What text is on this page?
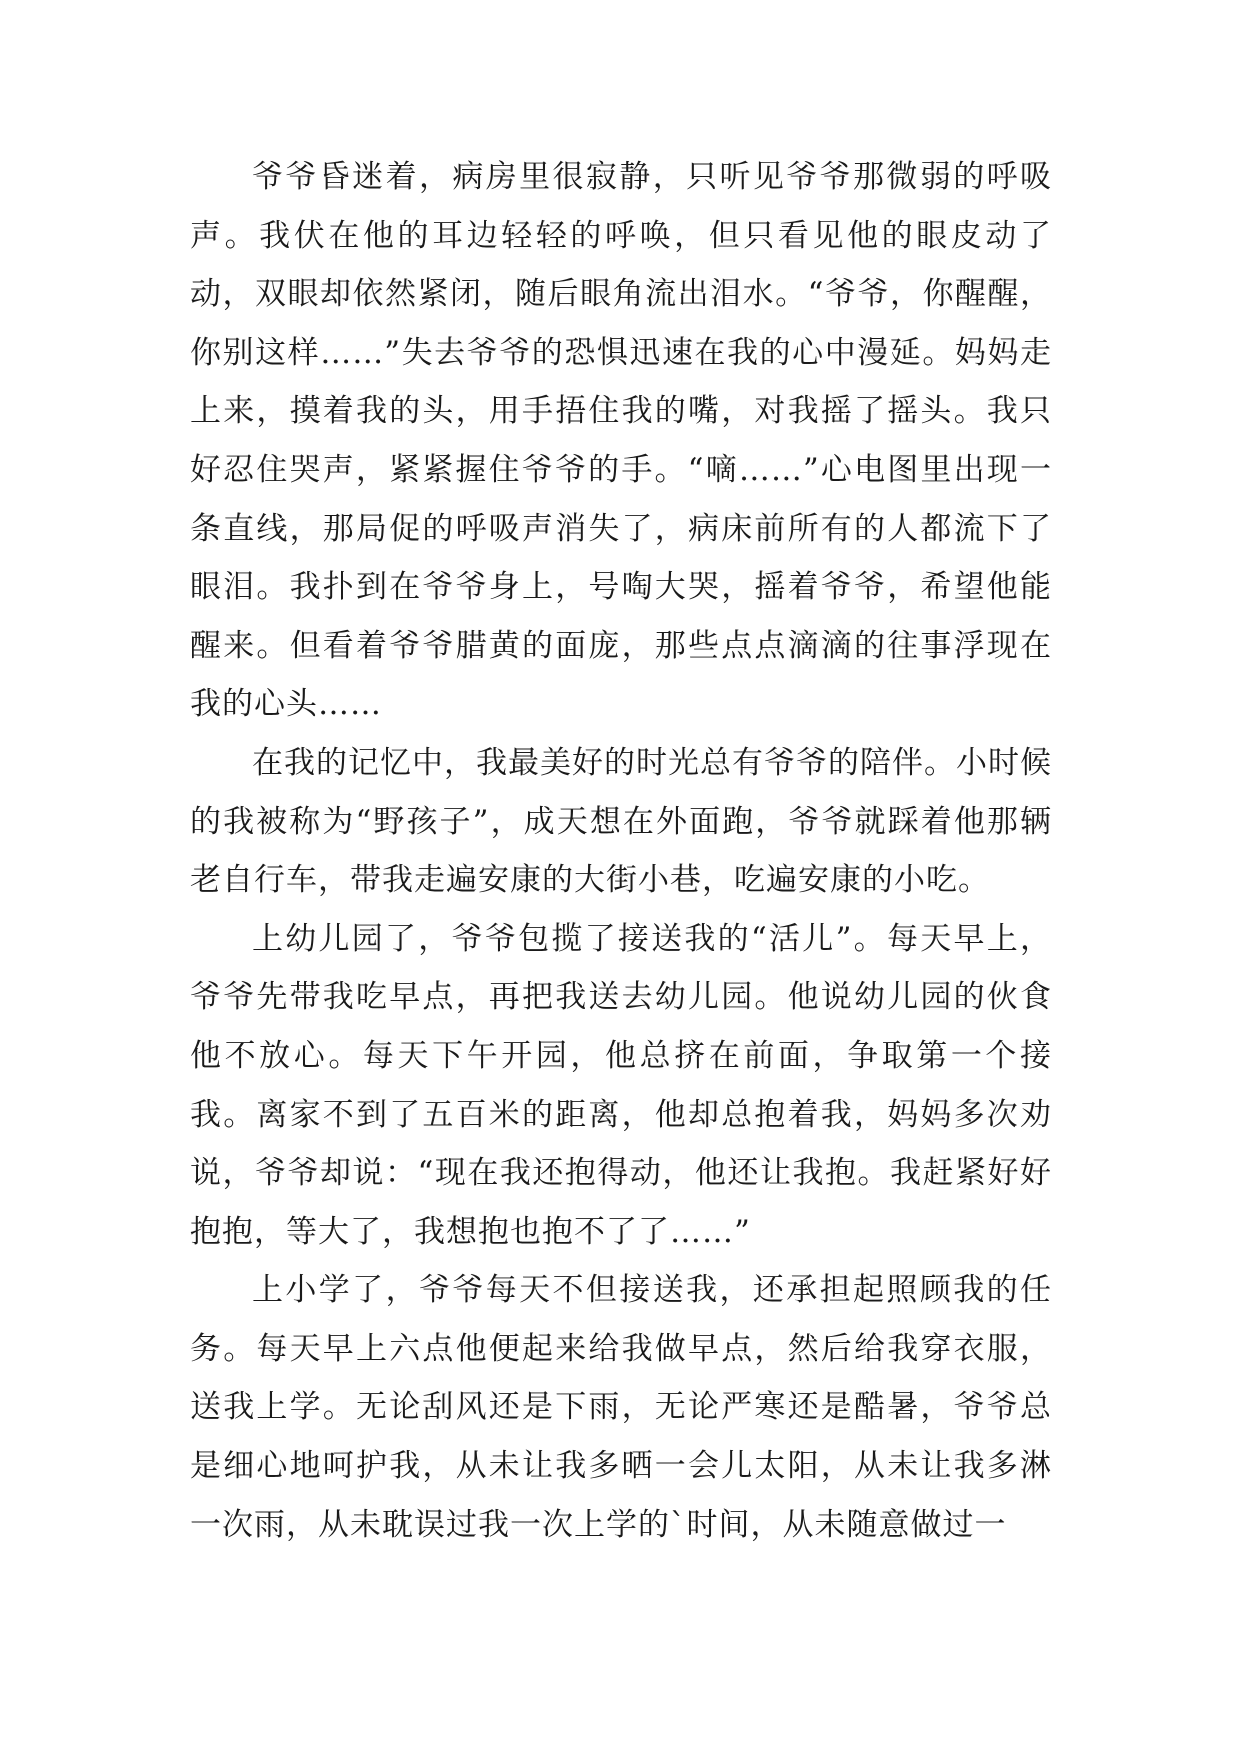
爷爷昏迷着，病房里很寂静，只听见爷爷那微弱的呼吸声。我伏在他的耳边轻轻的呼唤，但只看见他的眼皮动了动，双眼却依然紧闭，随后眼角流出泪水。“爷爷，你醒醒，你别这样……”失去爷爷的恐惧迅速在我的心中漫延。妈妈走上来，摸着我的头，用手捂住我的嘴，对我摇了摇头。我只好忍住哭声，紧紧握住爷爷的手。“嘀……”心电图里出现一条直线，那局促的呼吸声消失了，病床前所有的人都流下了眼泪。我扑到在爷爷身上，号啕大哭，摇着爷爷，希望他能醒来。但看着爷爷腊黄的面庞，那些点点滴滴的往事浮现在我的心头……

在我的记忆中，我最美好的时光总有爷爷的陪伴。小时候的我被称为“野孩子”，成天想在外面跑，爷爷就踩着他那辆老自行车，带我走遍安康的大街小巷，吃遍安康的小吃。

上幼儿园了，爷爷包揽了接送我的“活儿”。每天早上，爷爷先带我吃早点，再把我送去幼儿园。他说幼儿园的伙食他不放心。每天下午开园，他总挤在前面，争取第一个接我。离家不到了五百米的距离，他却总抱着我，妈妈多次劝说，爷爷却说：“现在我还抱得动，他还让我抱。我赶紧好好抱抱，等大了，我想抱也抱不了了……”

上小学了，爷爷每天不但接送我，还承担起照顾我的任务。每天早上六点他便起来给我做早点，然后给我穿衣服，送我上学。无论刮风还是下雨，无论严寒还是酷暑，爷爷总是细心地呵护我，从未让我多晒一会儿太阳，从未让我多淋一次雨，从未耽误过我一次上学的`时间，从未随意做过一
